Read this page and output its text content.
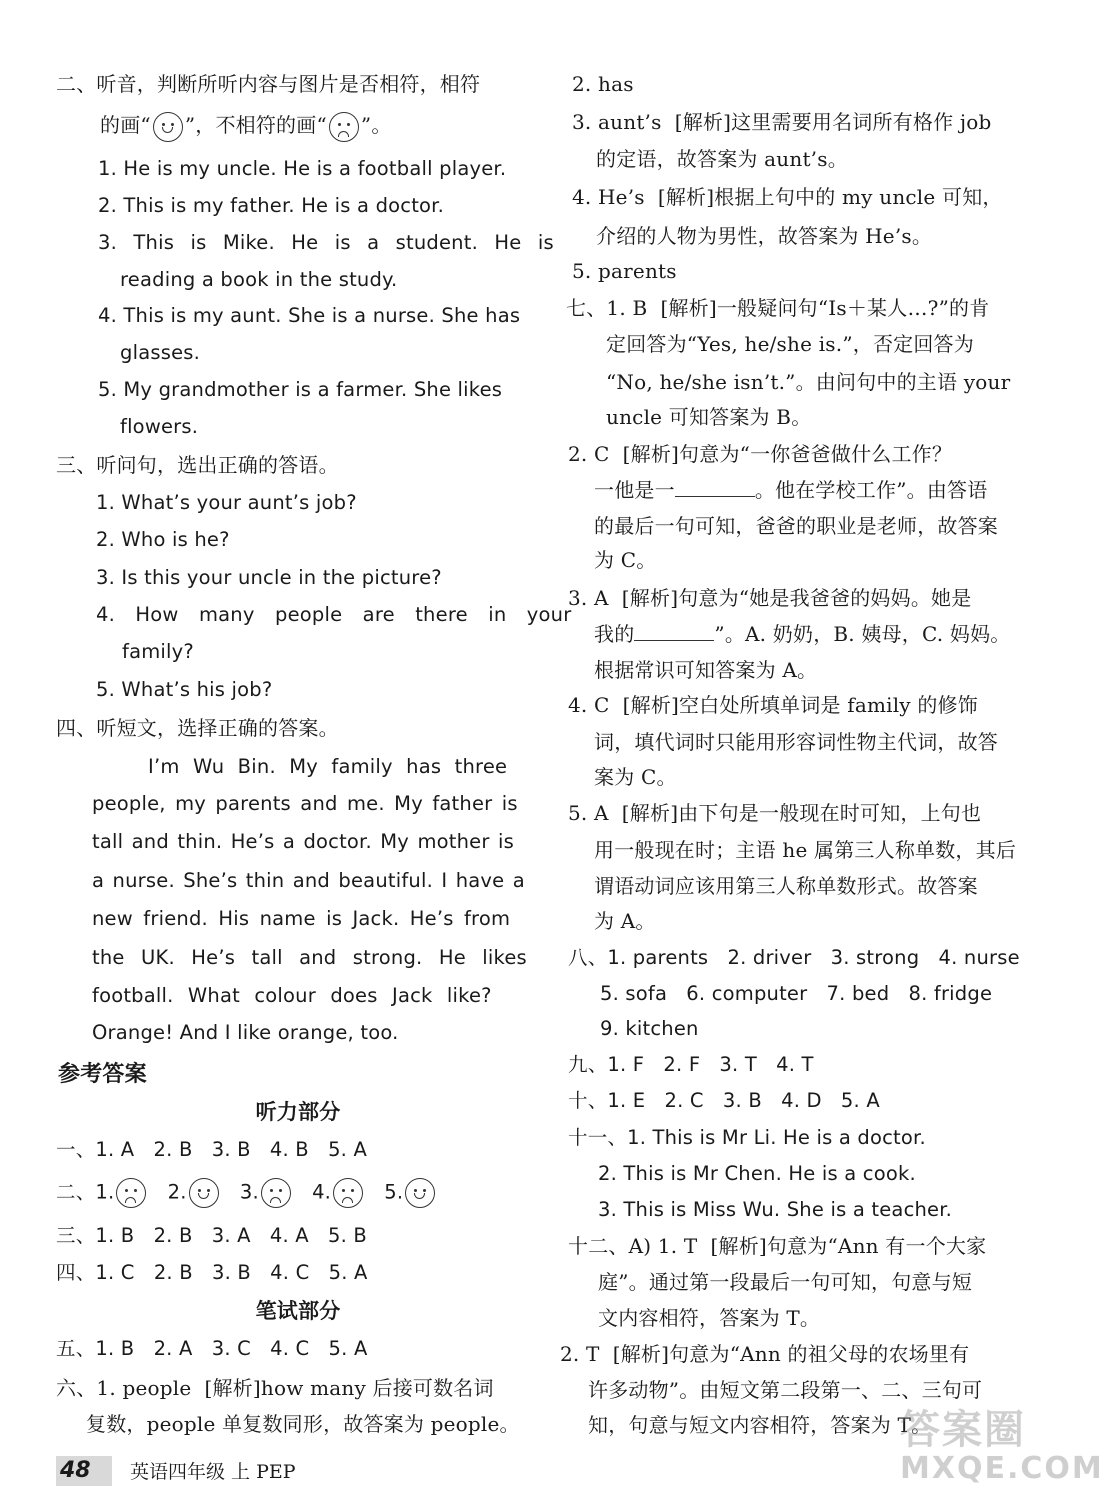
二、听音，判断所听内容与图片是否相符，相符
的画“ ”，不相符的画“ ”。
1. He is my uncle. He is a football player.
2. This is my father. He is a doctor.
3. This is Mike. He is a student. He is
reading a book in the study.
4. This is my aunt. She is a nurse. She has
glasses.
5. My grandmother is a farmer. She likes
flowers.
三、听问句，选出正确的答语。
1. What’s your aunt’s job?
2. Who is he?
3. Is this your uncle in the picture?
4. How many people are there in your
family?
5. What’s his job?
四、听短文，选择正确的答案。
I’m Wu Bin. My family has three
people, my parents and me. My father is
tall and thin. He’s a doctor. My mother is
a nurse. She’s thin and beautiful. I have a
new friend. His name is Jack. He’s from
the UK. He’s tall and strong. He likes
football. What colour does Jack like?
Orange! And I like orange, too.
参考答案
听力部分
一、1. A   2. B   3. B   4. B   5. A
二、1.	2.	3.	4.	5.
三、1. B   2. B   3. A   4. A   5. B
四、1. C   2. B   3. B   4. C   5. A
笔试部分
五、1. B   2. A   3. C   4. C   5. A
六、1. people  [解析]how many 后接可数名词
复数，people 单复数同形，故答案为 people。
2. has
3. aunt’s  [解析]这里需要用名词所有格作 job
的定语，故答案为 aunt’s。
4. He’s  [解析]根据上句中的 my uncle 可知，
介绍的人物为男性，故答案为 He’s。
5. parents
七、1. B  [解析]一般疑问句“Is＋某人…?”的肯
定回答为“Yes, he/she is.”，否定回答为
“No, he/she isn’t.”。由问句中的主语 your
uncle 可知答案为 B。
2. C  [解析]句意为“一你爸爸做什么工作？
一他是一	。他在学校工作”。由答语
的最后一句可知，爸爸的职业是老师，故答案
为 C。
3. A  [解析]句意为“她是我爸爸的妈妈。她是
我的	”。A. 奶奶，B. 姨母，C. 妈妈。
根据常识可知答案为 A。
4. C  [解析]空白处所填单词是 family 的修饰
词，填代词时只能用形容词性物主代词，故答
案为 C。
5. A  [解析]由下句是一般现在时可知，上句也
用一般现在时；主语 he 属第三人称单数，其后
谓语动词应该用第三人称单数形式。故答案
为 A。
八、1. parents   2. driver   3. strong   4. nurse
5. sofa   6. computer   7. bed   8. fridge
9. kitchen
九、1. F   2. F   3. T   4. T
十、1. E   2. C   3. B   4. D   5. A
十一、1. This is Mr Li. He is a doctor.
2. This is Mr Chen. He is a cook.
3. This is Miss Wu. She is a teacher.
十二、A) 1. T  [解析]句意为“Ann 有一个大家
庭”。通过第一段最后一句可知，句意与短
文内容相符，答案为 T。
2. T  [解析]句意为“Ann 的祖父母的农场里有
许多动物”。由短文第二段第一、二、三句可
知，句意与短文内容相符，答案为 T。
48	英语四年级 上 PEP
答案圈
MXQE.COM
